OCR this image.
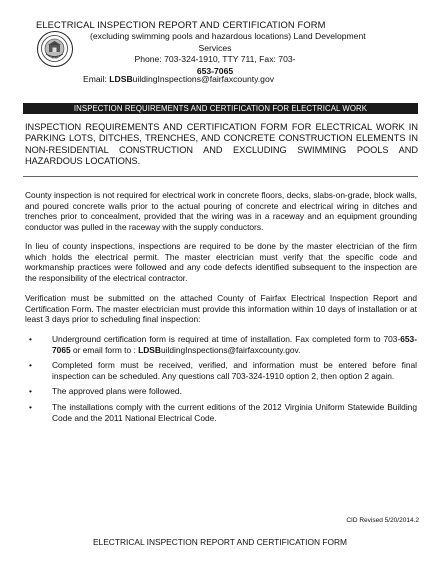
1742
ELECTRICAL INSPECTION REPORT AND CERTIFICATION FORM
(excluding swimming pools and hazardous locations) Land Development
Services
Phone: 703-324-1910, TTY 711, Fax: 703-
653-7065
Email: LDSBuildingInspections@fairfaxcounty.gov
INSPECTION REQUIREMENTS AND CERTIFICATION FOR ELECTRICAL WORK
INSPECTION REQUIREMENTS AND CERTIFICATION FORM FOR ELECTRICAL WORK IN PARKING LOTS, DITCHES, TRENCHES, AND CONCRETE CONSTRUCTION ELEMENTS IN NON-RESIDENTIAL CONSTRUCTION AND EXCLUDING SWIMMING POOLS AND HAZARDOUS LOCATIONS.
County inspection is not required for electrical work in concrete floors, decks, slabs-on-grade, block walls, and poured concrete walls prior to the actual pouring of concrete and electrical wiring in ditches and trenches prior to concealment, provided that the wiring was in a raceway and an equipment grounding conductor was pulled in the raceway with the supply conductors.
In lieu of county inspections, inspections are required to be done by the master electrician of the firm which holds the electrical permit. The master electrician must verify that the specific code and workmanship practices were followed and any code defects identified subsequent to the inspection are the responsibility of the electrical contractor.
Verification must be submitted on the attached County of Fairfax Electrical Inspection Report and Certification Form. The master electrician must provide this information within 10 days of installation or at least 3 days prior to scheduling final inspection:
• Underground certification form is required at time of installation. Fax completed form to 703-653-7065 or email form to : LDSBuildingInspections@fairfaxcounty.gov.
• Completed form must be received, verified, and information must be entered before final inspection can be scheduled. Any questions call 703-324-1910 option 2, then option 2 again.
• The approved plans were followed.
• The installations comply with the current editions of the 2012 Virginia Uniform Statewide Building Code and the 2011 National Electrical Code.
CID Revised 5/20/2014.2
ELECTRICAL INSPECTION REPORT AND CERTIFICATION FORM
